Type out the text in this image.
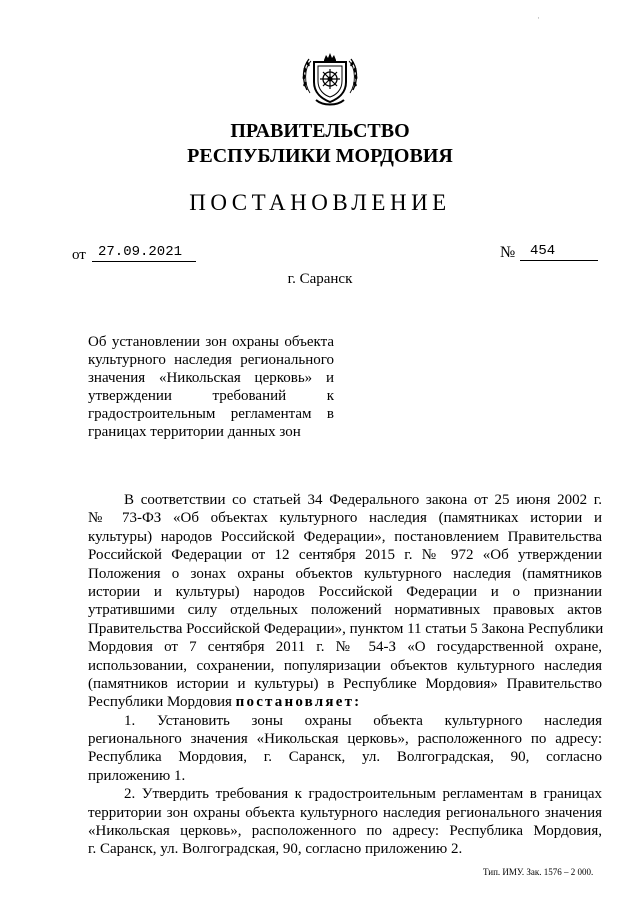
·
ПРАВИТЕЛЬСТВО
РЕСПУБЛИКИ МОРДОВИЯ
ПОСТАНОВЛЕНИЕ
от 27.09.2021	№	454
г. Саранск
Об установлении зон охраны объекта
культурного наследия регионального
значения «Никольская церковь» и
утверждении требований к
градостроительным регламентам в
границах территории данных зон
В соответствии со статьей 34 Федерального закона от 25 июня 2002 г.
№ 73-ФЗ «Об объектах культурного наследия (памятниках истории и
культуры) народов Российской Федерации», постановлением Правительства
Российской Федерации от 12 сентября 2015 г. № 972 «Об утверждении
Положения о зонах охраны объектов культурного наследия (памятников
истории и культуры) народов Российской Федерации и о признании
утратившими силу отдельных положений нормативных правовых актов
Правительства Российской Федерации», пунктом 11 статьи 5 Закона Республики
Мордовия от 7 сентября 2011 г. № 54-З «О государственной охране,
использовании, сохранении, популяризации объектов культурного наследия
(памятников истории и культуры) в Республике Мордовия» Правительство
Республики Мордовия постановляет:
1. Установить зоны охраны объекта культурного наследия
регионального значения «Никольская церковь», расположенного по адресу:
Республика Мордовия, г. Саранск, ул. Волгоградская, 90, согласно
приложению 1.
2. Утвердить требования к градостроительным регламентам в границах
территории зон охраны объекта культурного наследия регионального значения
«Никольская церковь», расположенного по адресу: Республика Мордовия,
г. Саранск, ул. Волгоградская, 90, согласно приложению 2.
Тип. ИМУ. Зак. 1576 – 2 000.
